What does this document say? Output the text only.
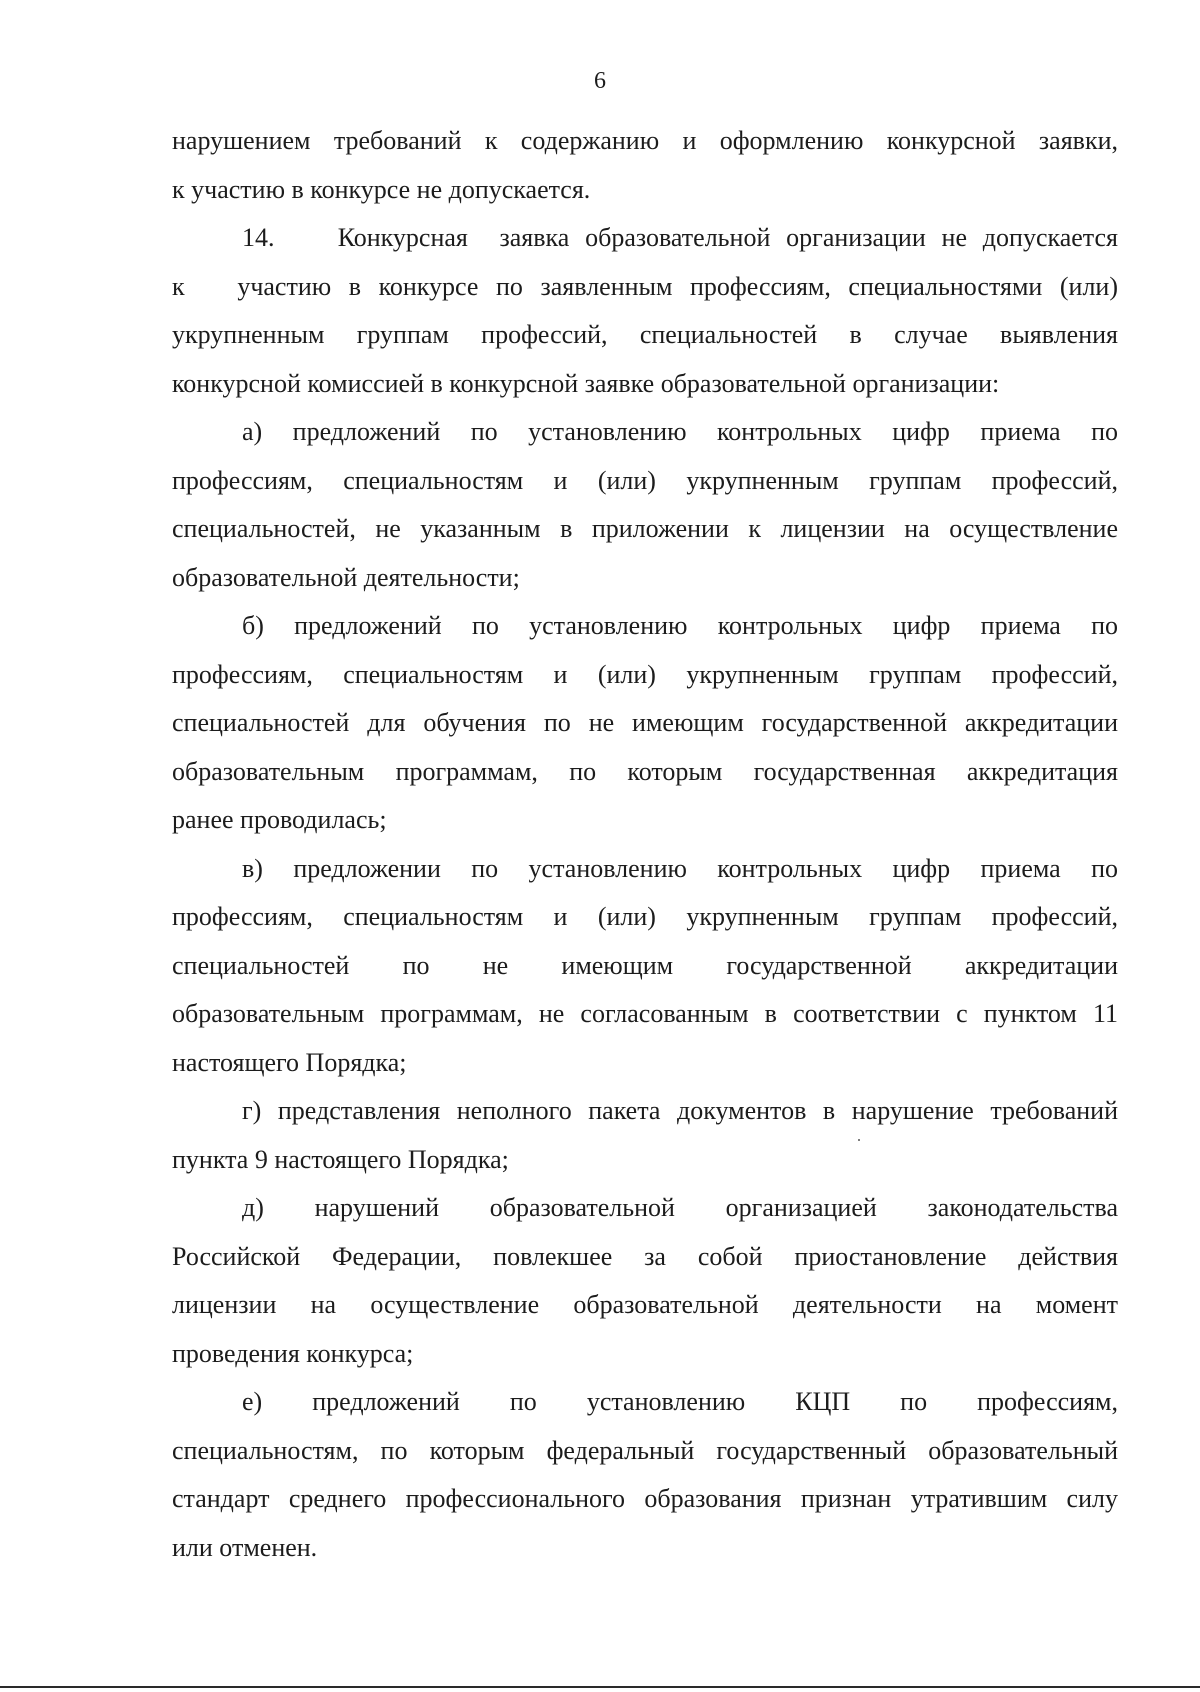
6
нарушением требований к содержанию и оформлению конкурсной заявки,
к участию в конкурсе не допускается.
14.    Конкурсная  заявка образовательной организации не допускается
к   участию в конкурсе по заявленным профессиям, специальностями (или)
укрупненным группам профессий, специальностей в случае выявления
конкурсной комиссией в конкурсной заявке образовательной организации:
а) предложений по установлению контрольных цифр приема по
профессиям, специальностям и (или) укрупненным группам профессий,
специальностей, не указанным в приложении к лицензии на осуществление
образовательной деятельности;
б) предложений по установлению контрольных цифр приема по
профессиям, специальностям и (или) укрупненным группам профессий,
специальностей для обучения по не имеющим государственной аккредитации
образовательным программам, по которым государственная аккредитация
ранее проводилась;
в) предложении по установлению контрольных цифр приема по
профессиям, специальностям и (или) укрупненным группам профессий,
специальностей по не имеющим государственной аккредитации
образовательным программам, не согласованным в соответствии с пунктом 11
настоящего Порядка;
г) представления неполного пакета документов в нарушение требований
пункта 9 настоящего Порядка;
д) нарушений образовательной организацией законодательства
Российской Федерации, повлекшее за собой приостановление действия
лицензии на осуществление образовательной деятельности на момент
проведения конкурса;
е) предложений по установлению КЦП по профессиям,
специальностям, по которым федеральный государственный образовательный
стандарт среднего профессионального образования признан утратившим силу
или отменен.
